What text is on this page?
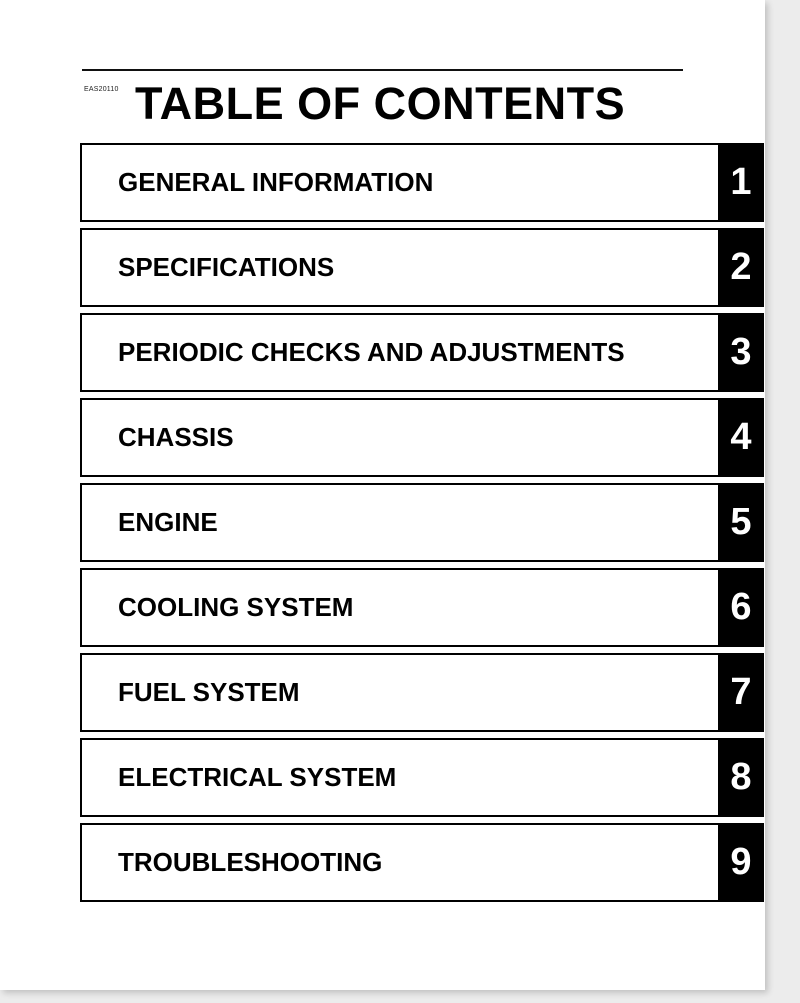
EAS20110 TABLE OF CONTENTS
GENERAL INFORMATION	1
SPECIFICATIONS	2
PERIODIC CHECKS AND ADJUSTMENTS	3
CHASSIS	4
ENGINE	5
COOLING SYSTEM	6
FUEL SYSTEM	7
ELECTRICAL SYSTEM	8
TROUBLESHOOTING	9
